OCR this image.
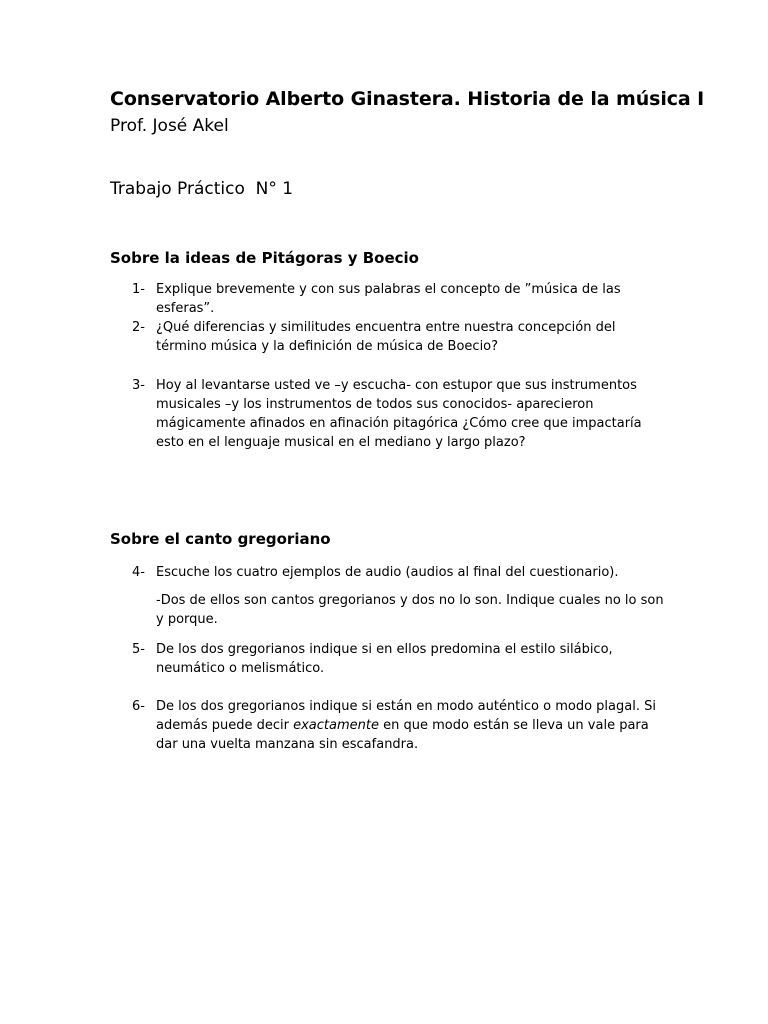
Conservatorio Alberto Ginastera. Historia de la música I
Prof. José Akel
Trabajo Práctico  N° 1
Sobre la ideas de Pitágoras y Boecio
1- Explique brevemente y con sus palabras el concepto de ”música de las esferas”.
2- ¿Qué diferencias y similitudes encuentra entre nuestra concepción del término música y la definición de música de Boecio?
3- Hoy al levantarse usted ve –y escucha- con estupor que sus instrumentos musicales –y los instrumentos de todos sus conocidos- aparecieron mágicamente afinados en afinación pitagórica ¿Cómo cree que impactaría esto en el lenguaje musical en el mediano y largo plazo?
Sobre el canto gregoriano
4- Escuche los cuatro ejemplos de audio (audios al final del cuestionario).
-Dos de ellos son cantos gregorianos y dos no lo son. Indique cuales no lo son y porque.
5- De los dos gregorianos indique si en ellos predomina el estilo silábico, neumático o melismático.
6- De los dos gregorianos indique si están en modo auténtico o modo plagal. Si además puede decir exactamente en que modo están se lleva un vale para dar una vuelta manzana sin escafandra.
